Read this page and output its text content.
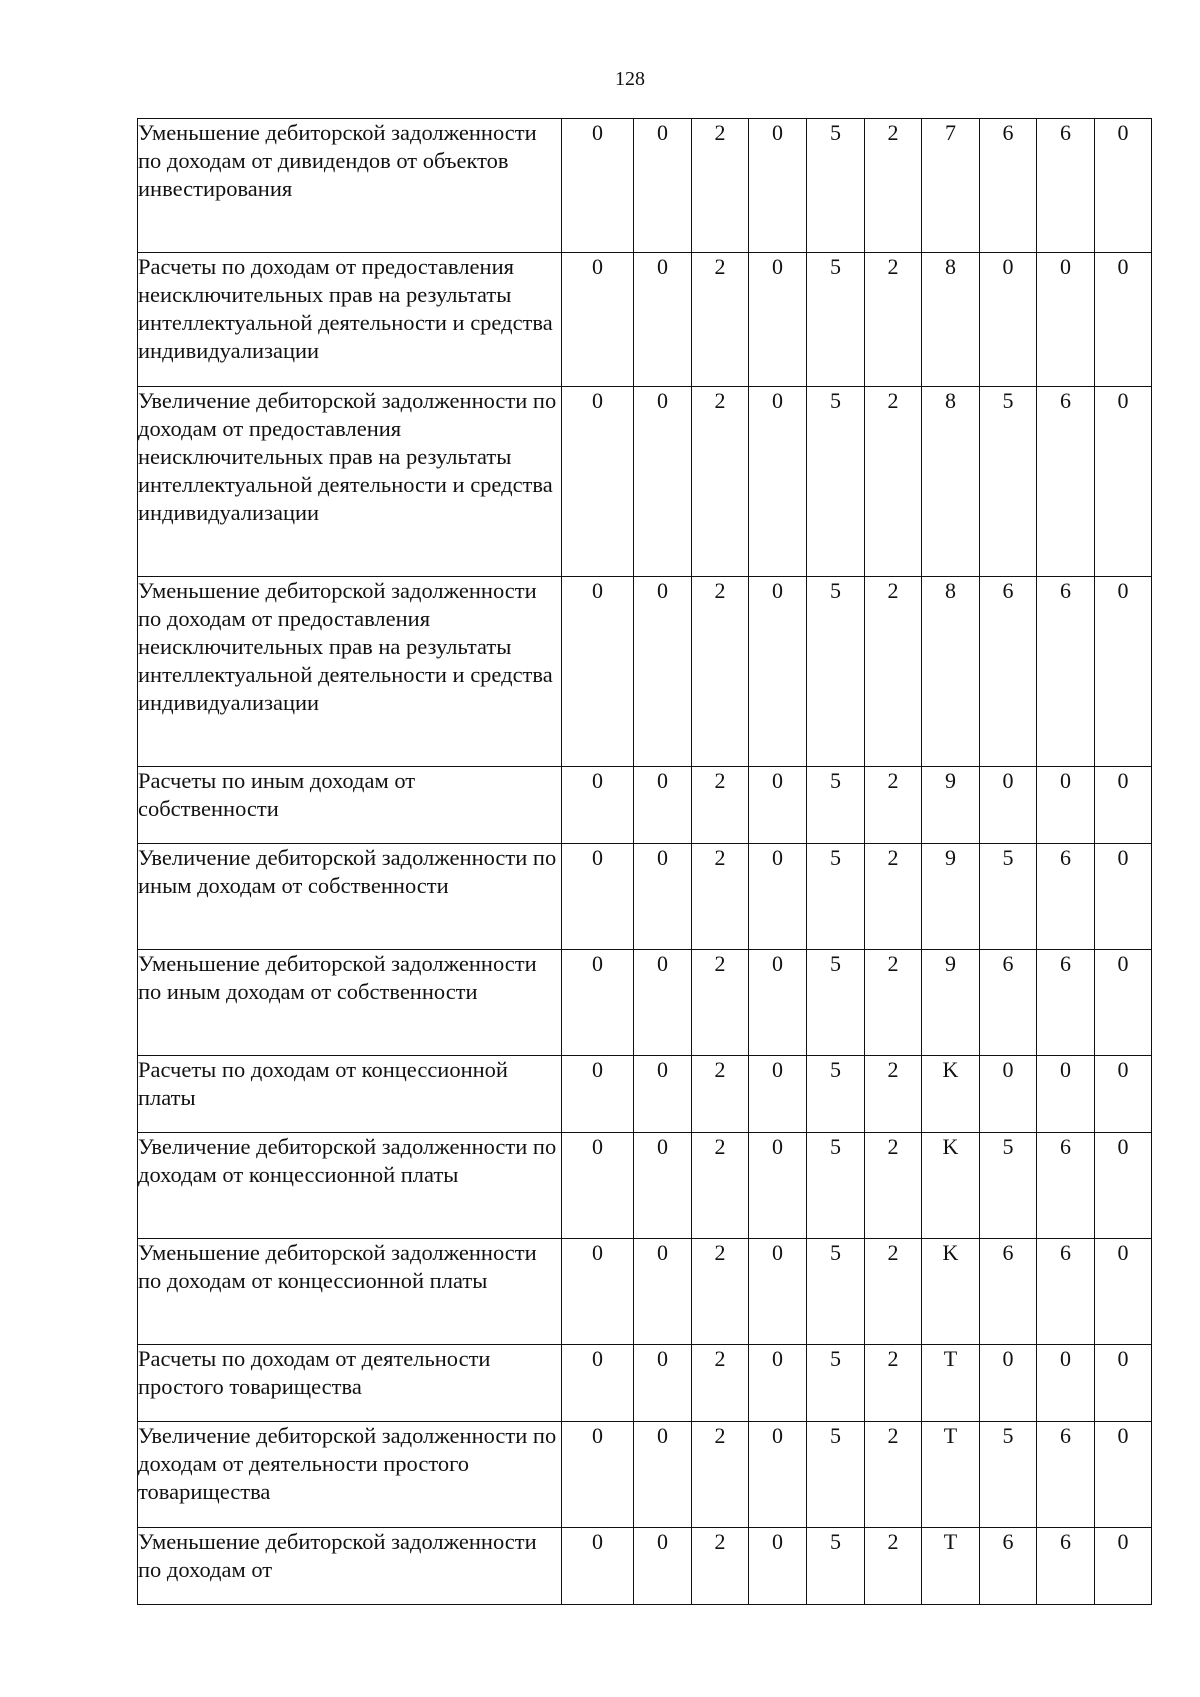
128
Уменьшение дебиторской задолженности по доходам от дивидендов от объектов инвестирования	0	0	2	0	5	2	7	6	6	0
Расчеты по доходам от предоставления неисключительных прав на результаты интеллектуальной деятельности и средства индивидуализации	0	0	2	0	5	2	8	0	0	0
Увеличение дебиторской задолженности по доходам от предоставления неисключительных прав на результаты интеллектуальной деятельности и средства индивидуализации	0	0	2	0	5	2	8	5	6	0
Уменьшение дебиторской задолженности по доходам от предоставления неисключительных прав на результаты интеллектуальной деятельности и средства индивидуализации	0	0	2	0	5	2	8	6	6	0
Расчеты по иным доходам от собственности	0	0	2	0	5	2	9	0	0	0
Увеличение дебиторской задолженности по иным доходам от собственности	0	0	2	0	5	2	9	5	6	0
Уменьшение дебиторской задолженности по иным доходам от собственности	0	0	2	0	5	2	9	6	6	0
Расчеты по доходам от концессионной платы	0	0	2	0	5	2	K	0	0	0
Увеличение дебиторской задолженности по доходам от концессионной платы	0	0	2	0	5	2	K	5	6	0
Уменьшение дебиторской задолженности по доходам от концессионной платы	0	0	2	0	5	2	K	6	6	0
Расчеты по доходам от деятельности простого товарищества	0	0	2	0	5	2	T	0	0	0
Увеличение дебиторской задолженности по доходам от деятельности простого товарищества	0	0	2	0	5	2	T	5	6	0
Уменьшение дебиторской задолженности по доходам от	0	0	2	0	5	2	T	6	6	0
